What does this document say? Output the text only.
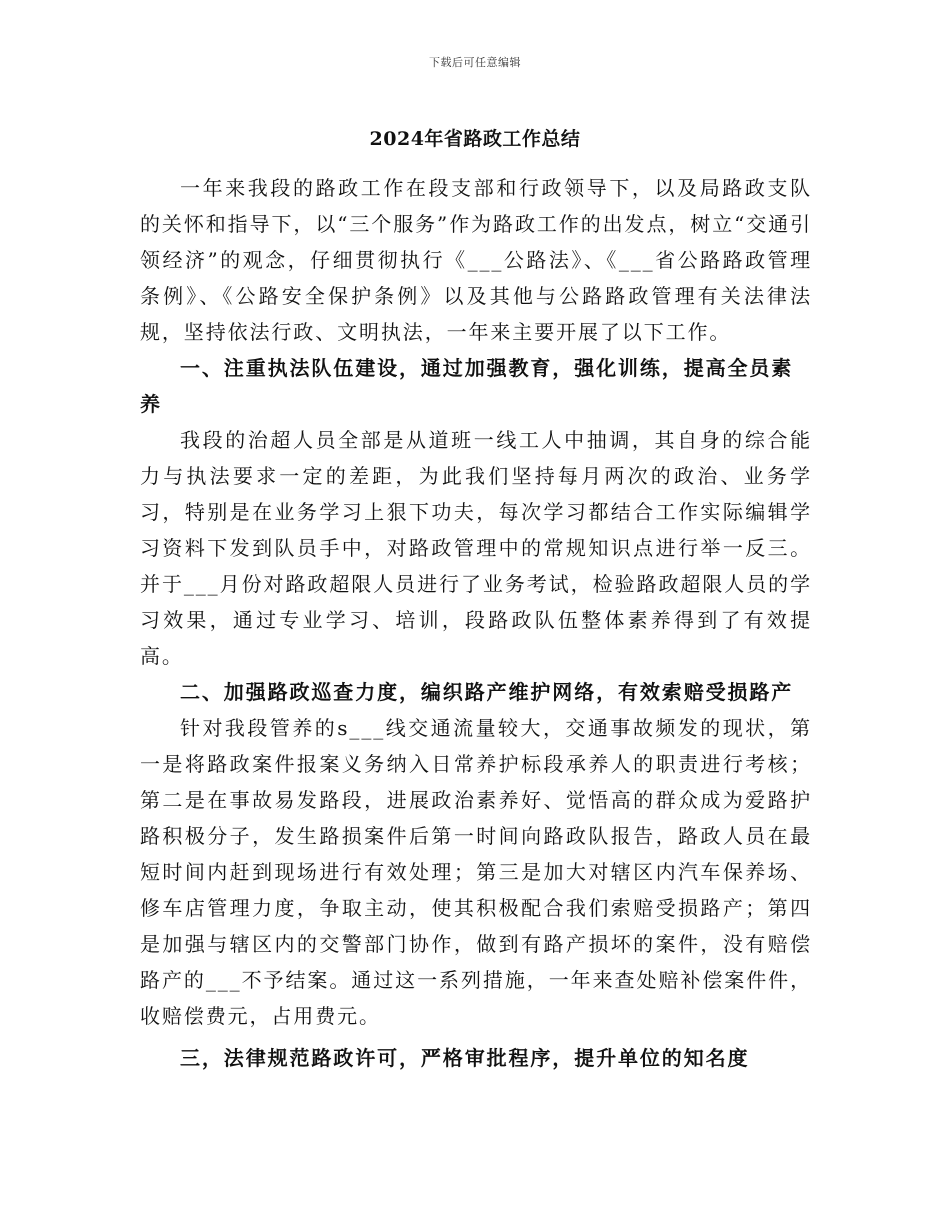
下载后可任意编辑
2024年省路政工作总结

一年来我段的路政工作在段支部和行政领导下，以及局路政支队的关怀和指导下，以“三个服务”作为路政工作的出发点，树立“交通引领经济”的观念，仔细贯彻执行《___公路法》、《___省公路路政管理条例》、《公路安全保护条例》以及其他与公路路政管理有关法律法规，坚持依法行政、文明执法，一年来主要开展了以下工作。

一、注重执法队伍建设，通过加强教育，强化训练，提高全员素养

我段的治超人员全部是从道班一线工人中抽调，其自身的综合能力与执法要求一定的差距，为此我们坚持每月两次的政治、业务学习，特别是在业务学习上狠下功夫，每次学习都结合工作实际编辑学习资料下发到队员手中，对路政管理中的常规知识点进行举一反三。并于___月份对路政超限人员进行了业务考试，检验路政超限人员的学习效果，通过专业学习、培训，段路政队伍整体素养得到了有效提高。

二、加强路政巡查力度，编织路产维护网络，有效索赔受损路产

针对我段管养的s___线交通流量较大，交通事故频发的现状，第一是将路政案件报案义务纳入日常养护标段承养人的职责进行考核；第二是在事故易发路段，进展政治素养好、觉悟高的群众成为爱路护路积极分子，发生路损案件后第一时间向路政队报告，路政人员在最短时间内赶到现场进行有效处理；第三是加大对辖区内汽车保养场、修车店管理力度，争取主动，使其积极配合我们索赔受损路产；第四是加强与辖区内的交警部门协作，做到有路产损坏的案件，没有赔偿路产的___不予结案。通过这一系列措施，一年来查处赔补偿案件件，收赔偿费元，占用费元。

三，法律规范路政许可，严格审批程序，提升单位的知名度
